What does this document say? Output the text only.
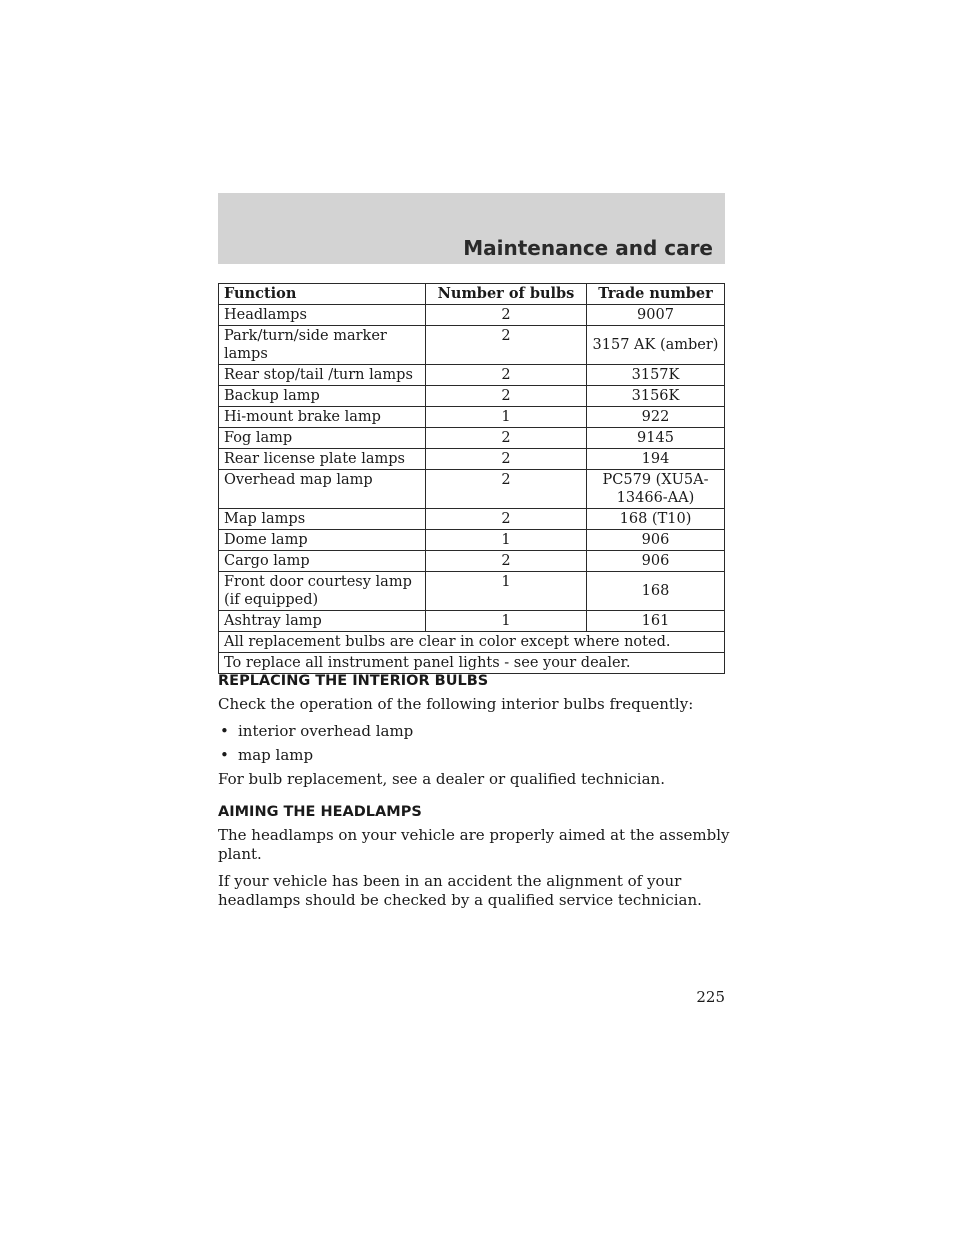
Maintenance and care
Function	Number of bulbs	Trade number
Headlamps	2	9007
Park/turn/side marker lamps	2	3157 AK (amber)
Rear stop/tail /turn lamps	2	3157K
Backup lamp	2	3156K
Hi-mount brake lamp	1	922
Fog lamp	2	9145
Rear license plate lamps	2	194
Overhead map lamp	2	PC579 (XU5A-13466-AA)
Map lamps	2	168 (T10)
Dome lamp	1	906
Cargo lamp	2	906
Front door courtesy lamp (if equipped)	1	168
Ashtray lamp	1	161
All replacement bulbs are clear in color except where noted.		
To replace all instrument panel lights - see your dealer.		
REPLACING THE INTERIOR BULBS

Check the operation of the following interior bulbs frequently:

• interior overhead lamp
• map lamp

For bulb replacement, see a dealer or qualified technician.

AIMING THE HEADLAMPS

The headlamps on your vehicle are properly aimed at the assembly plant.

If your vehicle has been in an accident the alignment of your headlamps should be checked by a qualified service technician.

225
